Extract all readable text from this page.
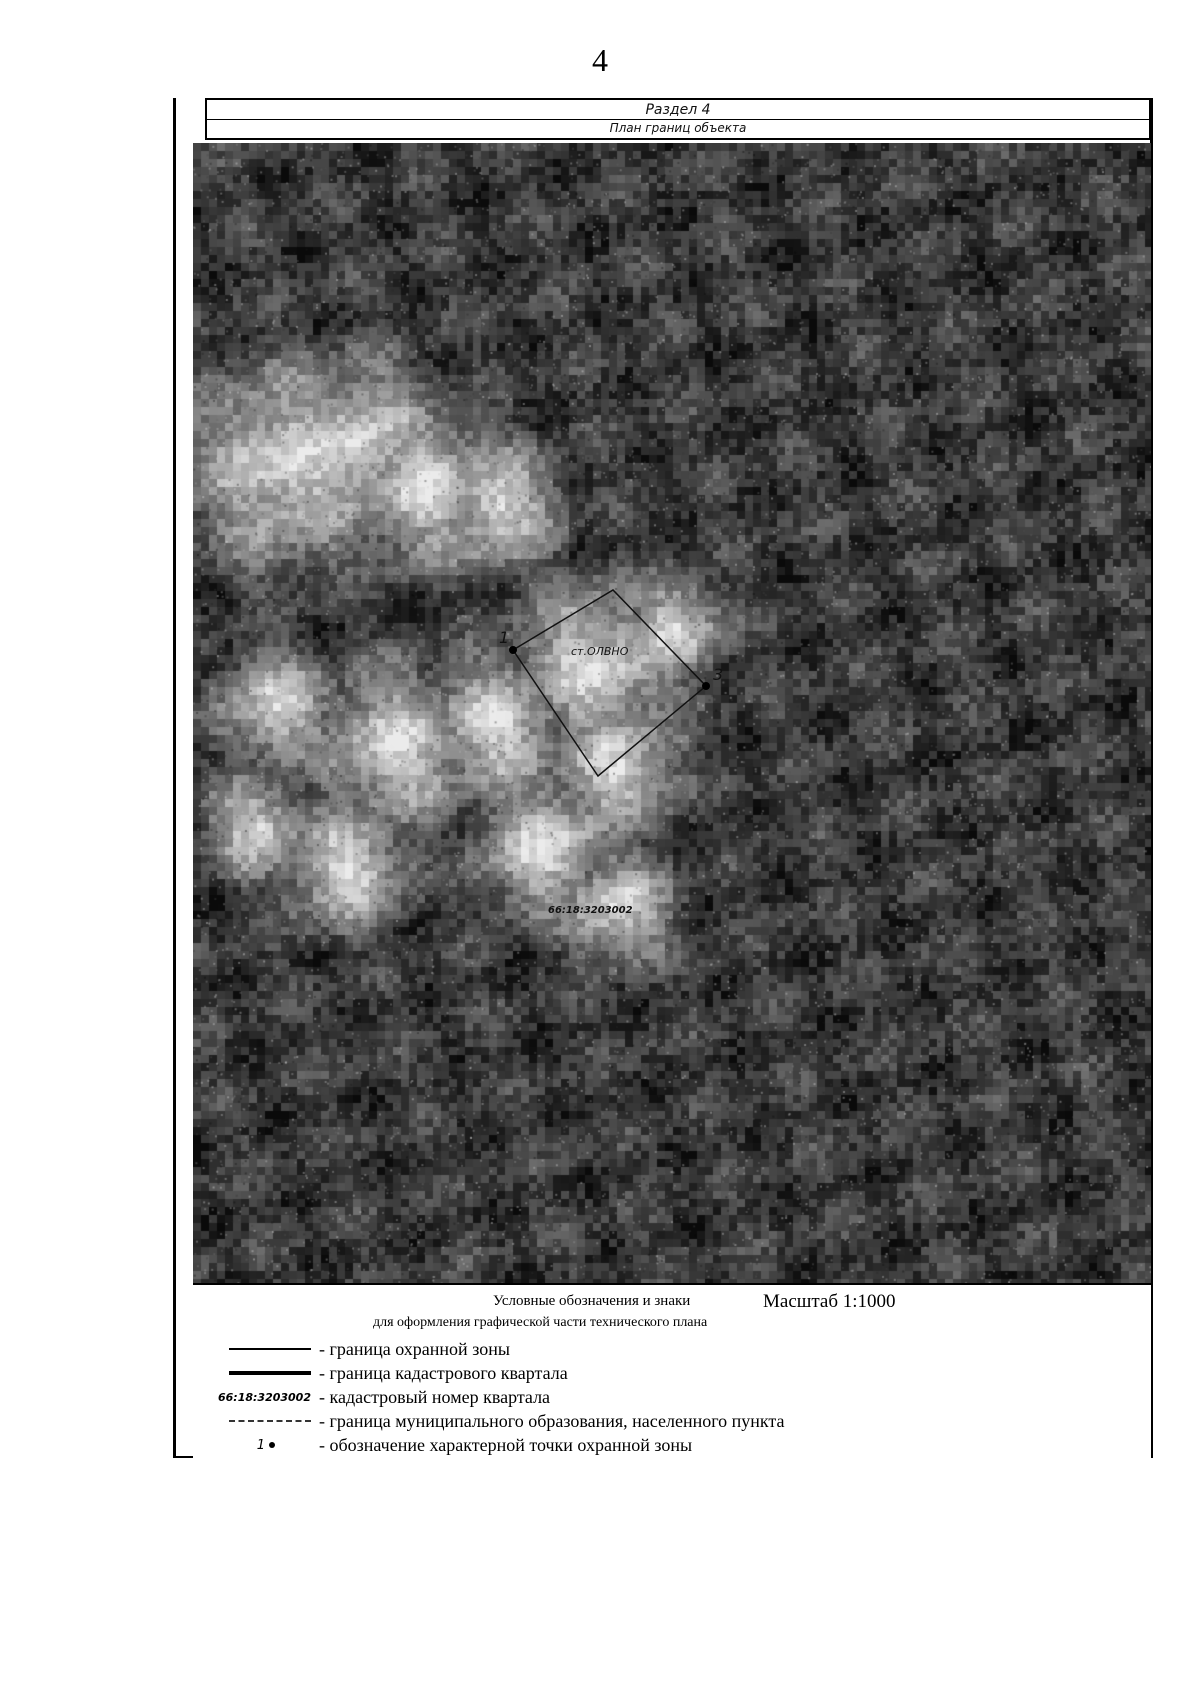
4
Раздел 4
План границ объекта
1
3
ст.ОЛВНО
66:18:3203002
Условные обозначения и знаки	Масштаб 1:1000
для оформления графической части технического плана
- граница охранной зоны
- граница кадастрового квартала
66:18:3203002 - кадастровый номер квартала
- граница муниципального образования, населенного пункта
1	- обозначение характерной точки охранной зоны
